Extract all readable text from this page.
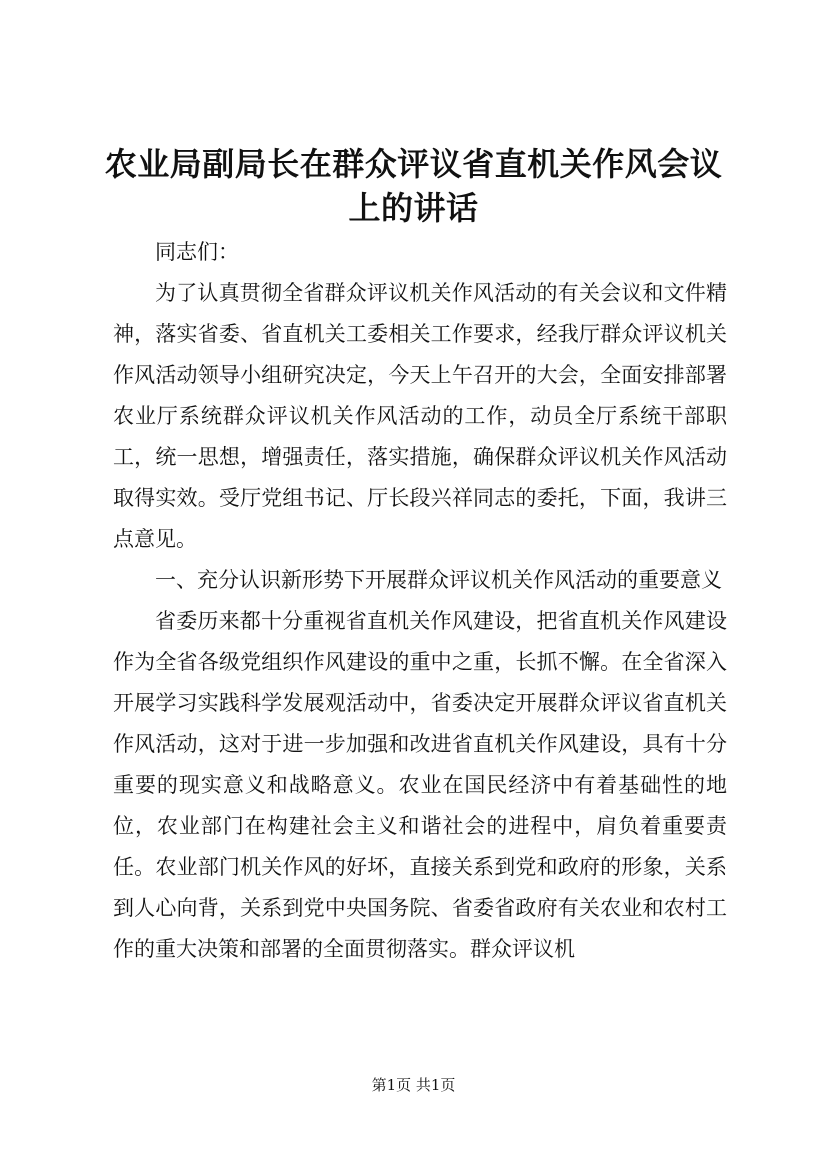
农业局副局长在群众评议省直机关作风会议上的讲话

同志们：

为了认真贯彻全省群众评议机关作风活动的有关会议和文件精神，落实省委、省直机关工委相关工作要求，经我厅群众评议机关作风活动领导小组研究决定，今天上午召开的大会，全面安排部署农业厅系统群众评议机关作风活动的工作，动员全厅系统干部职工，统一思想，增强责任，落实措施，确保群众评议机关作风活动取得实效。受厅党组书记、厅长段兴祥同志的委托，下面，我讲三点意见。

一、充分认识新形势下开展群众评议机关作风活动的重要意义

省委历来都十分重视省直机关作风建设，把省直机关作风建设作为全省各级党组织作风建设的重中之重，长抓不懈。在全省深入开展学习实践科学发展观活动中，省委决定开展群众评议省直机关作风活动，这对于进一步加强和改进省直机关作风建设，具有十分重要的现实意义和战略意义。农业在国民经济中有着基础性的地位，农业部门在构建社会主义和谐社会的进程中，肩负着重要责任。农业部门机关作风的好坏，直接关系到党和政府的形象，关系到人心向背，关系到党中央国务院、省委省政府有关农业和农村工作的重大决策和部署的全面贯彻落实。群众评议机

第1页 共1页
